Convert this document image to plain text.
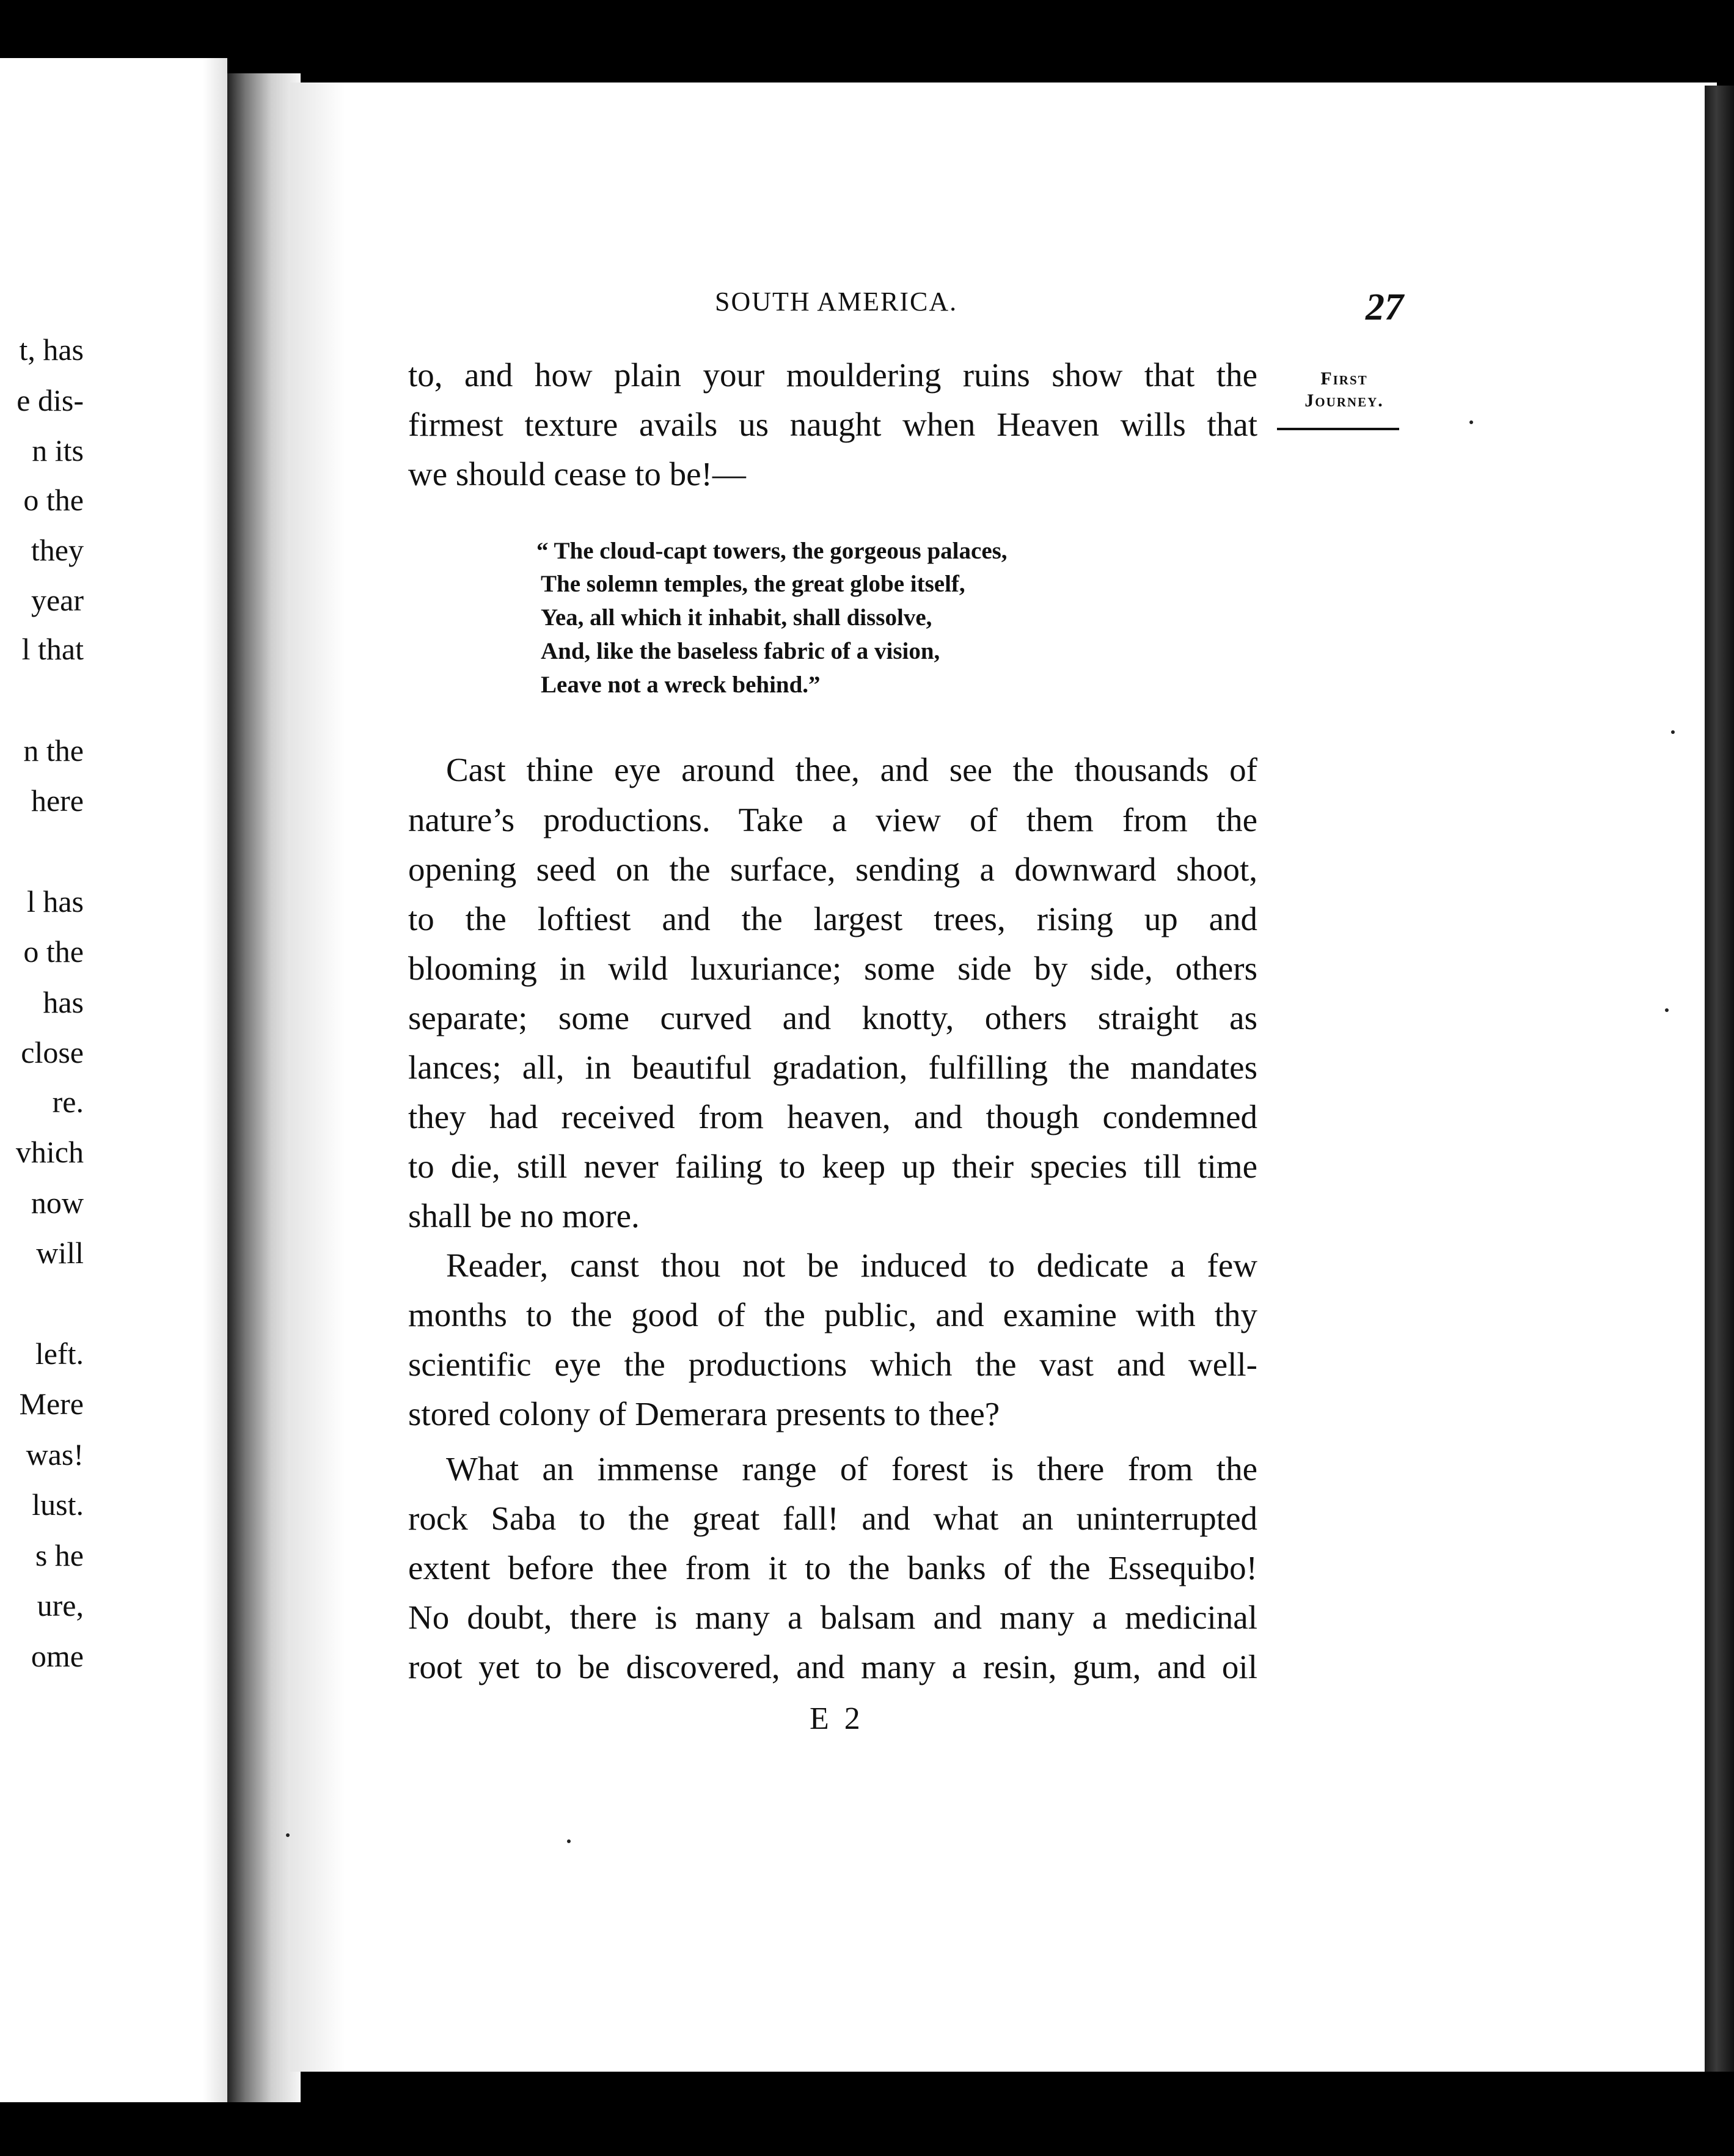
t, has
e dis-
n its
o the
they
year
l that
n the
here
l has
o the
has
close
re.
vhich
now
will
left.
Mere
was!
lust.
s he
ure,
ome
SOUTH AMERICA.	27
First
Journey.
to, and how plain your mouldering ruins show that the
firmest texture avails us naught when Heaven wills that
we should cease to be!—
“ The cloud-capt towers, the gorgeous palaces,
The solemn temples, the great globe itself,
Yea, all which it inhabit, shall dissolve,
And, like the baseless fabric of a vision,
Leave not a wreck behind.”
Cast thine eye around thee, and see the thousands of
nature’s productions. Take a view of them from the
opening seed on the surface, sending a downward shoot,
to the loftiest and the largest trees, rising up and
blooming in wild luxuriance; some side by side, others
separate; some curved and knotty, others straight as
lances; all, in beautiful gradation, fulfilling the mandates
they had received from heaven, and though condemned
to die, still never failing to keep up their species till time
shall be no more.
Reader, canst thou not be induced to dedicate a few
months to the good of the public, and examine with thy
scientific eye the productions which the vast and well-
stored colony of Demerara presents to thee?
What an immense range of forest is there from the
rock Saba to the great fall! and what an uninterrupted
extent before thee from it to the banks of the Essequibo!
No doubt, there is many a balsam and many a medicinal
root yet to be discovered, and many a resin, gum, and oil
E 2
